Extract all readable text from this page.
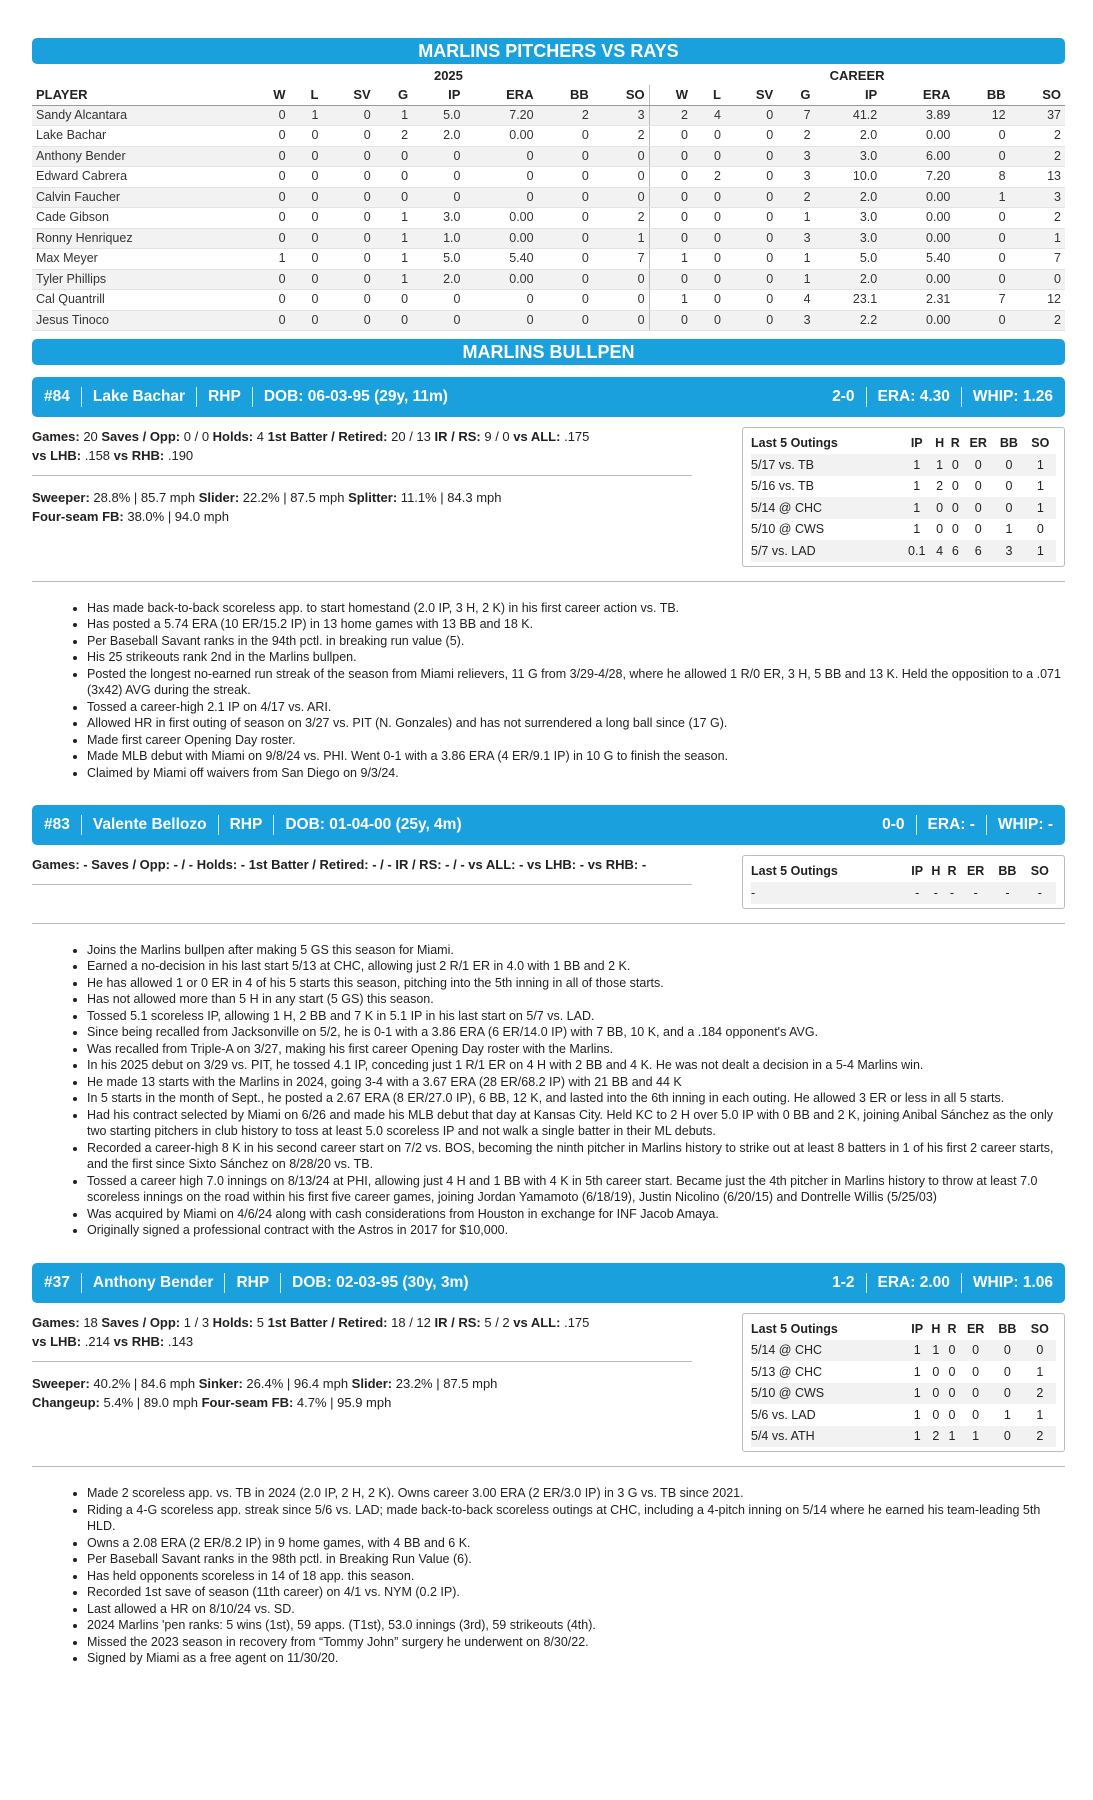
MARLINS PITCHERS VS RAYS
	2025								CAREER							
PLAYER	W	L	SV	G	IP	ERA	BB	SO	W	L	SV	G	IP	ERA	BB	SO
Sandy Alcantara	0	1	0	1	5.0	7.20	2	3	2	4	0	7	41.2	3.89	12	37
Lake Bachar	0	0	0	2	2.0	0.00	0	2	0	0	0	2	2.0	0.00	0	2
Anthony Bender	0	0	0	0	0	0	0	0	0	0	0	3	3.0	6.00	0	2
Edward Cabrera	0	0	0	0	0	0	0	0	0	2	0	3	10.0	7.20	8	13
Calvin Faucher	0	0	0	0	0	0	0	0	0	0	0	2	2.0	0.00	1	3
Cade Gibson	0	0	0	1	3.0	0.00	0	2	0	0	0	1	3.0	0.00	0	2
Ronny Henriquez	0	0	0	1	1.0	0.00	0	1	0	0	0	3	3.0	0.00	0	1
Max Meyer	1	0	0	1	5.0	5.40	0	7	1	0	0	1	5.0	5.40	0	7
Tyler Phillips	0	0	0	1	2.0	0.00	0	0	0	0	0	1	2.0	0.00	0	0
Cal Quantrill	0	0	0	0	0	0	0	0	1	0	0	4	23.1	2.31	7	12
Jesus Tinoco	0	0	0	0	0	0	0	0	0	0	0	3	2.2	0.00	0	2
MARLINS BULLPEN
#84 Lake Bachar RHP DOB: 06-03-95 (29y, 11m)	2-0 ERA: 4.30 WHIP: 1.26
Games: 20 Saves / Opp: 0 / 0 Holds: 4 1st Batter / Retired: 20 / 13 IR / RS: 9 / 0 vs ALL: .175
vs LHB: .158 vs RHB: .190
Sweeper: 28.8% | 85.7 mph Slider: 22.2% | 87.5 mph Splitter: 11.1% | 84.3 mph
Four-seam FB: 38.0% | 94.0 mph
Last 5 Outings	IP	H	R	ER	BB	SO
5/17 vs. TB	1	1	0	0	0	1
5/16 vs. TB	1	2	0	0	0	1
5/14 @ CHC	1	0	0	0	0	1
5/10 @ CWS	1	0	0	0	1	0
5/7 vs. LAD	0.1	4	6	6	3	1
• Has made back-to-back scoreless app. to start homestand (2.0 IP, 3 H, 2 K) in his first career action vs. TB.
• Has posted a 5.74 ERA (10 ER/15.2 IP) in 13 home games with 13 BB and 18 K.
• Per Baseball Savant ranks in the 94th pctl. in breaking run value (5).
• His 25 strikeouts rank 2nd in the Marlins bullpen.
• Posted the longest no-earned run streak of the season from Miami relievers, 11 G from 3/29-4/28, where he allowed 1 R/0 ER, 3 H, 5 BB and 13 K. Held the opposition to a .071 (3x42) AVG during the streak.
• Tossed a career-high 2.1 IP on 4/17 vs. ARI.
• Allowed HR in first outing of season on 3/27 vs. PIT (N. Gonzales) and has not surrendered a long ball since (17 G).
• Made first career Opening Day roster.
• Made MLB debut with Miami on 9/8/24 vs. PHI. Went 0-1 with a 3.86 ERA (4 ER/9.1 IP) in 10 G to finish the season.
• Claimed by Miami off waivers from San Diego on 9/3/24.
#83 Valente Bellozo RHP DOB: 01-04-00 (25y, 4m)	0-0 ERA: - WHIP: -
Games: - Saves / Opp: - / - Holds: - 1st Batter / Retired: - / - IR / RS: - / - vs ALL: - vs LHB: - vs RHB: -	Last 5 Outings	IP	H	R	ER	BB	SO
-	-	-	-	-	-	-
• Joins the Marlins bullpen after making 5 GS this season for Miami.
• Earned a no-decision in his last start 5/13 at CHC, allowing just 2 R/1 ER in 4.0 with 1 BB and 2 K.
• He has allowed 1 or 0 ER in 4 of his 5 starts this season, pitching into the 5th inning in all of those starts.
• Has not allowed more than 5 H in any start (5 GS) this season.
• Tossed 5.1 scoreless IP, allowing 1 H, 2 BB and 7 K in 5.1 IP in his last start on 5/7 vs. LAD.
• Since being recalled from Jacksonville on 5/2, he is 0-1 with a 3.86 ERA (6 ER/14.0 IP) with 7 BB, 10 K, and a .184 opponent's AVG.
• Was recalled from Triple-A on 3/27, making his first career Opening Day roster with the Marlins.
• In his 2025 debut on 3/29 vs. PIT, he tossed 4.1 IP, conceding just 1 R/1 ER on 4 H with 2 BB and 4 K. He was not dealt a decision in a 5-4 Marlins win.
• He made 13 starts with the Marlins in 2024, going 3-4 with a 3.67 ERA (28 ER/68.2 IP) with 21 BB and 44 K
• In 5 starts in the month of Sept., he posted a 2.67 ERA (8 ER/27.0 IP), 6 BB, 12 K, and lasted into the 6th inning in each outing. He allowed 3 ER or less in all 5 starts.
• Had his contract selected by Miami on 6/26 and made his MLB debut that day at Kansas City. Held KC to 2 H over 5.0 IP with 0 BB and 2 K, joining Anibal Sánchez as the only two starting pitchers in club history to toss at least 5.0 scoreless IP and not walk a single batter in their ML debuts.
• Recorded a career-high 8 K in his second career start on 7/2 vs. BOS, becoming the ninth pitcher in Marlins history to strike out at least 8 batters in 1 of his first 2 career starts, and the first since Sixto Sánchez on 8/28/20 vs. TB.
• Tossed a career high 7.0 innings on 8/13/24 at PHI, allowing just 4 H and 1 BB with 4 K in 5th career start. Became just the 4th pitcher in Marlins history to throw at least 7.0 scoreless innings on the road within his first five career games, joining Jordan Yamamoto (6/18/19), Justin Nicolino (6/20/15) and Dontrelle Willis (5/25/03)
• Was acquired by Miami on 4/6/24 along with cash considerations from Houston in exchange for INF Jacob Amaya.
• Originally signed a professional contract with the Astros in 2017 for $10,000.
#37 Anthony Bender RHP DOB: 02-03-95 (30y, 3m)	1-2 ERA: 2.00 WHIP: 1.06
Games: 18 Saves / Opp: 1 / 3 Holds: 5 1st Batter / Retired: 18 / 12 IR / RS: 5 / 2 vs ALL: .175
vs LHB: .214 vs RHB: .143
Sweeper: 40.2% | 84.6 mph Sinker: 26.4% | 96.4 mph Slider: 23.2% | 87.5 mph
Changeup: 5.4% | 89.0 mph Four-seam FB: 4.7% | 95.9 mph
Last 5 Outings	IP	H	R	ER	BB	SO
5/14 @ CHC	1	1	0	0	0	0
5/13 @ CHC	1	0	0	0	0	1
5/10 @ CWS	1	0	0	0	0	2
5/6 vs. LAD	1	0	0	0	1	1
5/4 vs. ATH	1	2	1	1	0	2
• Made 2 scoreless app. vs. TB in 2024 (2.0 IP, 2 H, 2 K). Owns career 3.00 ERA (2 ER/3.0 IP) in 3 G vs. TB since 2021.
• Riding a 4-G scoreless app. streak since 5/6 vs. LAD; made back-to-back scoreless outings at CHC, including a 4-pitch inning on 5/14 where he earned his team-leading 5th HLD.
• Owns a 2.08 ERA (2 ER/8.2 IP) in 9 home games, with 4 BB and 6 K.
• Per Baseball Savant ranks in the 98th pctl. in Breaking Run Value (6).
• Has held opponents scoreless in 14 of 18 app. this season.
• Recorded 1st save of season (11th career) on 4/1 vs. NYM (0.2 IP).
• Last allowed a HR on 8/10/24 vs. SD.
• 2024 Marlins 'pen ranks: 5 wins (1st), 59 apps. (T1st), 53.0 innings (3rd), 59 strikeouts (4th).
• Missed the 2023 season in recovery from “Tommy John” surgery he underwent on 8/30/22.
• Signed by Miami as a free agent on 11/30/20.
